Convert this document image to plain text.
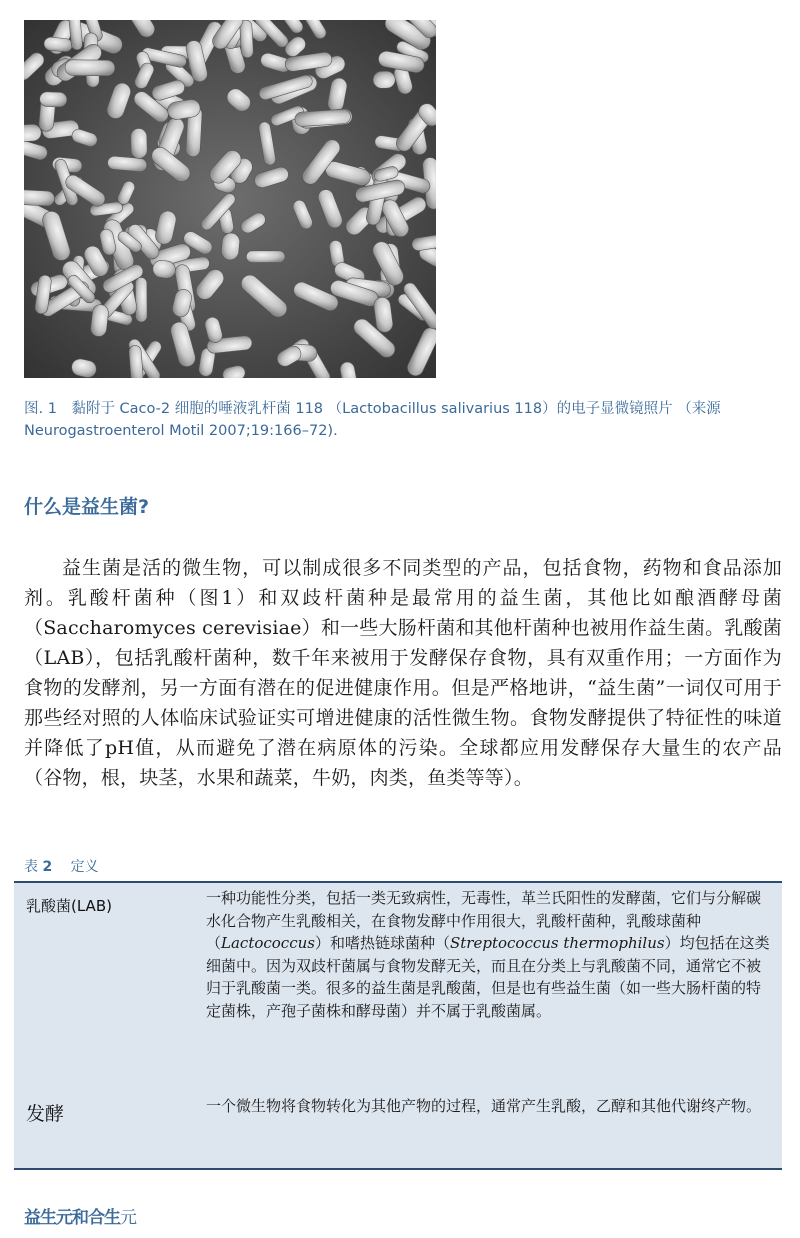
图. 1　黏附于 Caco-2 细胞的唾液乳杆菌 118 （Lactobacillus salivarius 118）的电子显微镜照片 （来源 Neurogastroenterol Motil 2007;19:166–72).
什么是益生菌?

益生菌是活的微生物，可以制成很多不同类型的产品，包括食物，药物和食品添加剂。乳酸杆菌种（图1）和双歧杆菌种是最常用的益生菌，其他比如酿酒酵母菌（Saccharomyces cerevisiae）和一些大肠杆菌和其他杆菌种也被用作益生菌。乳酸菌（LAB），包括乳酸杆菌种，数千年来被用于发酵保存食物，具有双重作用；一方面作为食物的发酵剂，另一方面有潜在的促进健康作用。但是严格地讲，“益生菌”一词仅可用于那些经对照的人体临床试验证实可增进健康的活性微生物。食物发酵提供了特征性的味道并降低了pH值，从而避免了潜在病原体的污染。全球都应用发酵保存大量生的农产品（谷物，根，块茎，水果和蔬菜，牛奶，肉类，鱼类等等）。

表 2 定义
乳酸菌(LAB)	一种功能性分类，包括一类无致病性，无毒性，革兰氏阳性的发酵菌，它们与分解碳水化合物产生乳酸相关，在食物发酵中作用很大，乳酸杆菌种，乳酸球菌种（Lactococcus）和嗜热链球菌种（Streptococcus thermophilus）均包括在这类细菌中。因为双歧杆菌属与食物发酵无关，而且在分类上与乳酸菌不同，通常它不被归于乳酸菌一类。很多的益生菌是乳酸菌，但是也有些益生菌（如一些大肠杆菌的特定菌株，产孢子菌株和酵母菌）并不属于乳酸菌属。
发酵	一个微生物将食物转化为其他产物的过程，通常产生乳酸，乙醇和其他代谢终产物。
益生元和合生元
